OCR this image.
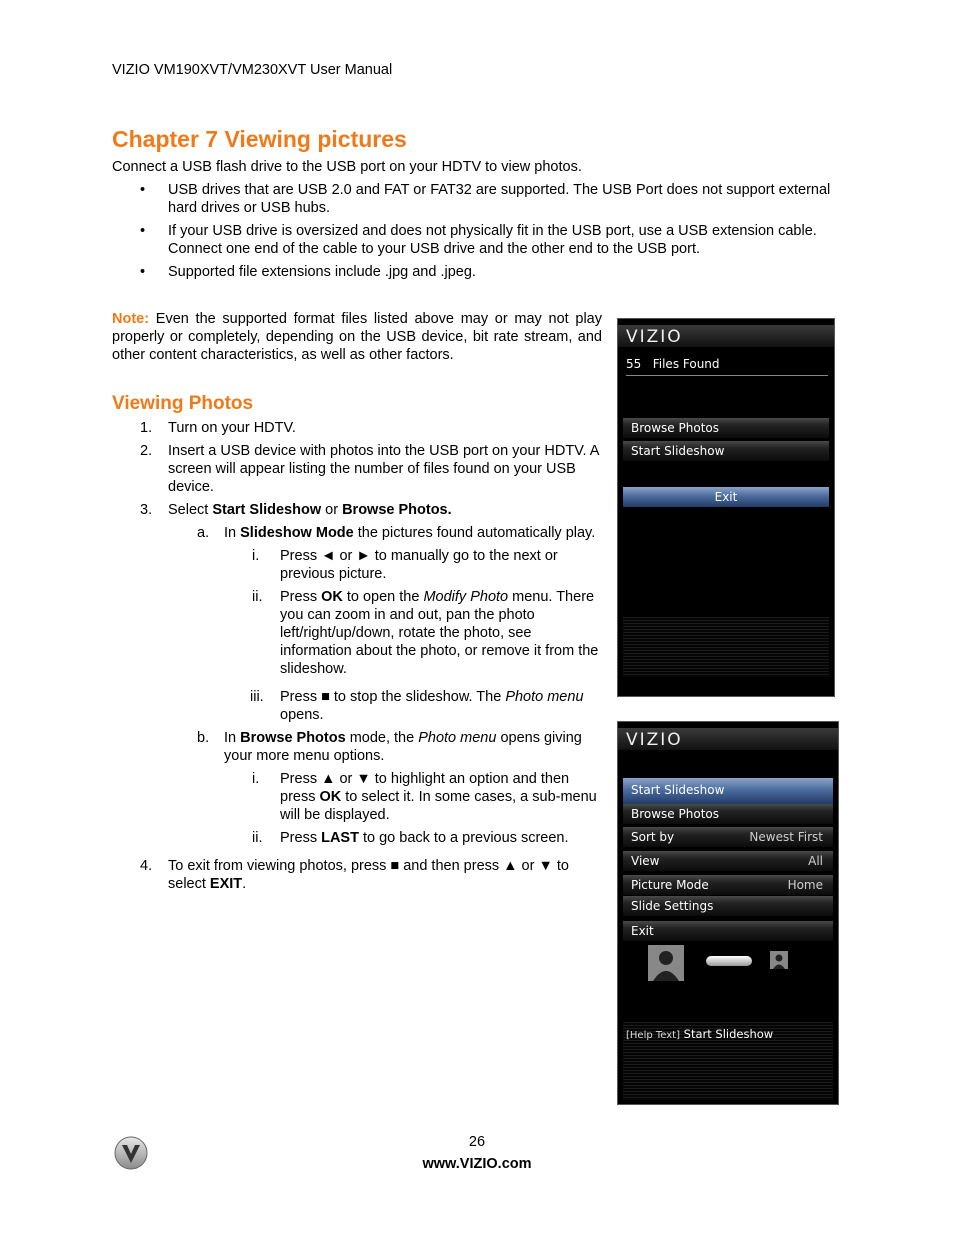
VIZIO VM190XVT/VM230XVT User Manual
Chapter 7 Viewing pictures
Connect a USB flash drive to the USB port on your HDTV to view photos.
• USB drives that are USB 2.0 and FAT or FAT32 are supported. The USB Port does not support external hard drives or USB hubs.
• If your USB drive is oversized and does not physically fit in the USB port, use a USB extension cable. Connect one end of the cable to your USB drive and the other end to the USB port.
• Supported file extensions include .jpg and .jpeg.
Note: Even the supported format files listed above may or may not play properly or completely, depending on the USB device, bit rate stream, and other content characteristics, as well as other factors.
Viewing Photos
1. Turn on your HDTV.
2. Insert a USB device with photos into the USB port on your HDTV. A screen will appear listing the number of files found on your USB device.
3. Select Start Slideshow or Browse Photos.
a. In Slideshow Mode the pictures found automatically play.
i. Press ◄ or ► to manually go to the next or previous picture.
ii. Press OK to open the Modify Photo menu. There you can zoom in and out, pan the photo left/right/up/down, rotate the photo, see information about the photo, or remove it from the slideshow.
iii. Press ■ to stop the slideshow. The Photo menu opens.
b. In Browse Photos mode, the Photo menu opens giving your more menu options.
i. Press ▲ or ▼ to highlight an option and then press OK to select it. In some cases, a sub-menu will be displayed.
ii. Press LAST to go back to a previous screen.
4. To exit from viewing photos, press ■ and then press ▲ or ▼ to select EXIT.
VIZIO
55 Files Found
Browse Photos
Start Slideshow
Exit
VIZIO
Start Slideshow
Browse Photos
Sort by	Newest First
View	All
Picture Mode	Home
Slide Settings
Exit
[Help Text] Start Slideshow
26
www.VIZIO.com
